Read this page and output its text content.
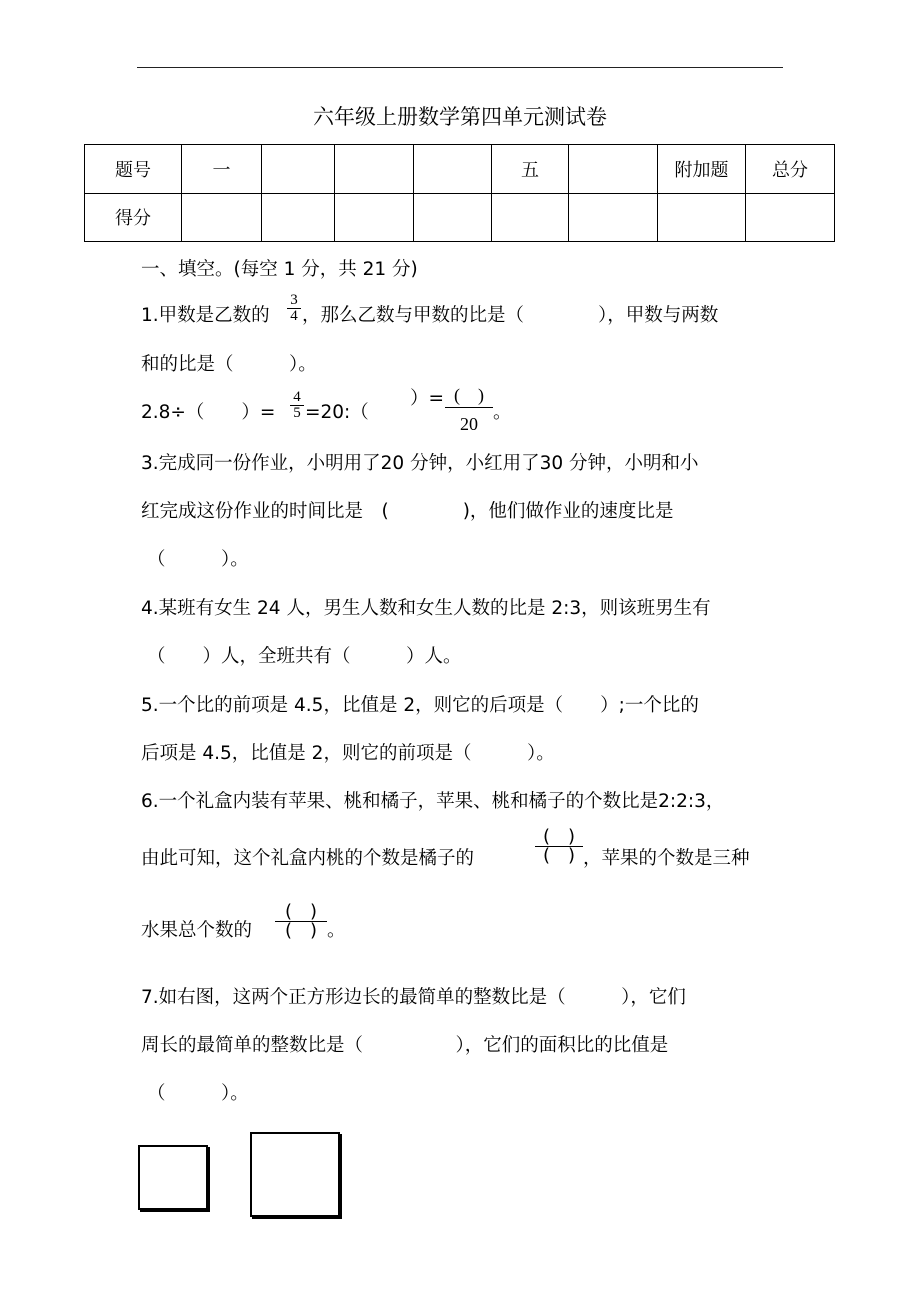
六年级上册数学第四单元测试卷
题号	一				五		附加题	总分
得分								
一、填空。(每空 1 分，共 21 分)
1.甲数是乙数的
3
4 ，那么乙数与甲数的比是（　　　　），甲数与两数
和的比是（　　　）。
2.8÷（　　）=
4
5 =20:（
）= (　)
20
。
3.完成同一份作业，小明用了20 分钟，小红用了30 分钟，小明和小
红完成这份作业的时间比是　(　　　　)，他们做作业的速度比是
（　　　）。
4.某班有女生 24 人，男生人数和女生人数的比是 2:3，则该班男生有
（　　）人，全班共有（　　　）人。
5.一个比的前项是 4.5，比值是 2，则它的后项是（　　）;一个比的
后项是 4.5，比值是 2，则它的前项是（　　　）。
6.一个礼盒内装有苹果、桃和橘子，苹果、桃和橘子的个数比是2:2:3，
由此可知，这个礼盒内桃的个数是橘子的
(　)
(　) ，苹果的个数是三种
水果总个数的
(　)
(　) 。
7.如右图，这两个正方形边长的最简单的整数比是（　　　），它们
周长的最简单的整数比是（　　　　　），它们的面积比的比值是
（　　　）。
